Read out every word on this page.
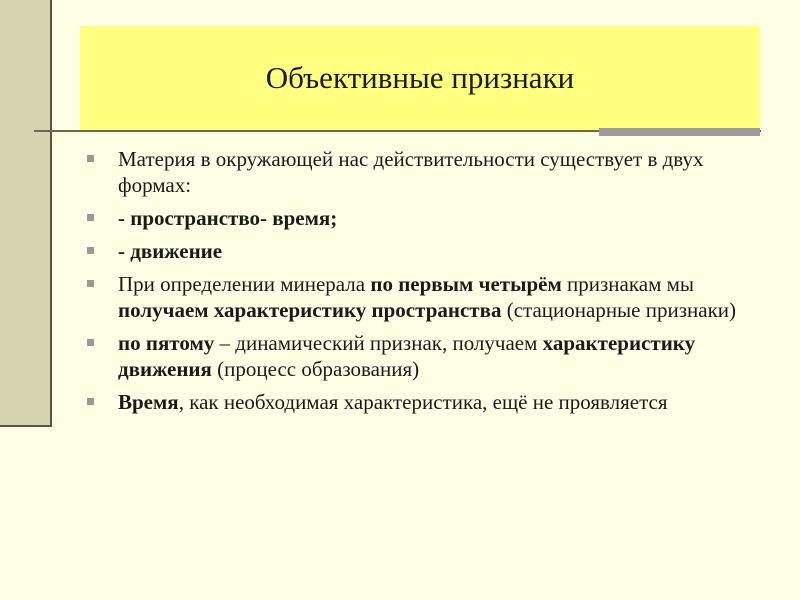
Объективные признаки
Материя в окружающей нас действительности существует в двух формах:
- пространство- время;
- движение
При определении минерала по первым четырём признакам мы получаем характеристику пространства (стационарные признаки)
по пятому – динамический признак, получаем характеристику движения (процесс образования)
Время, как необходимая характеристика, ещё не проявляется
